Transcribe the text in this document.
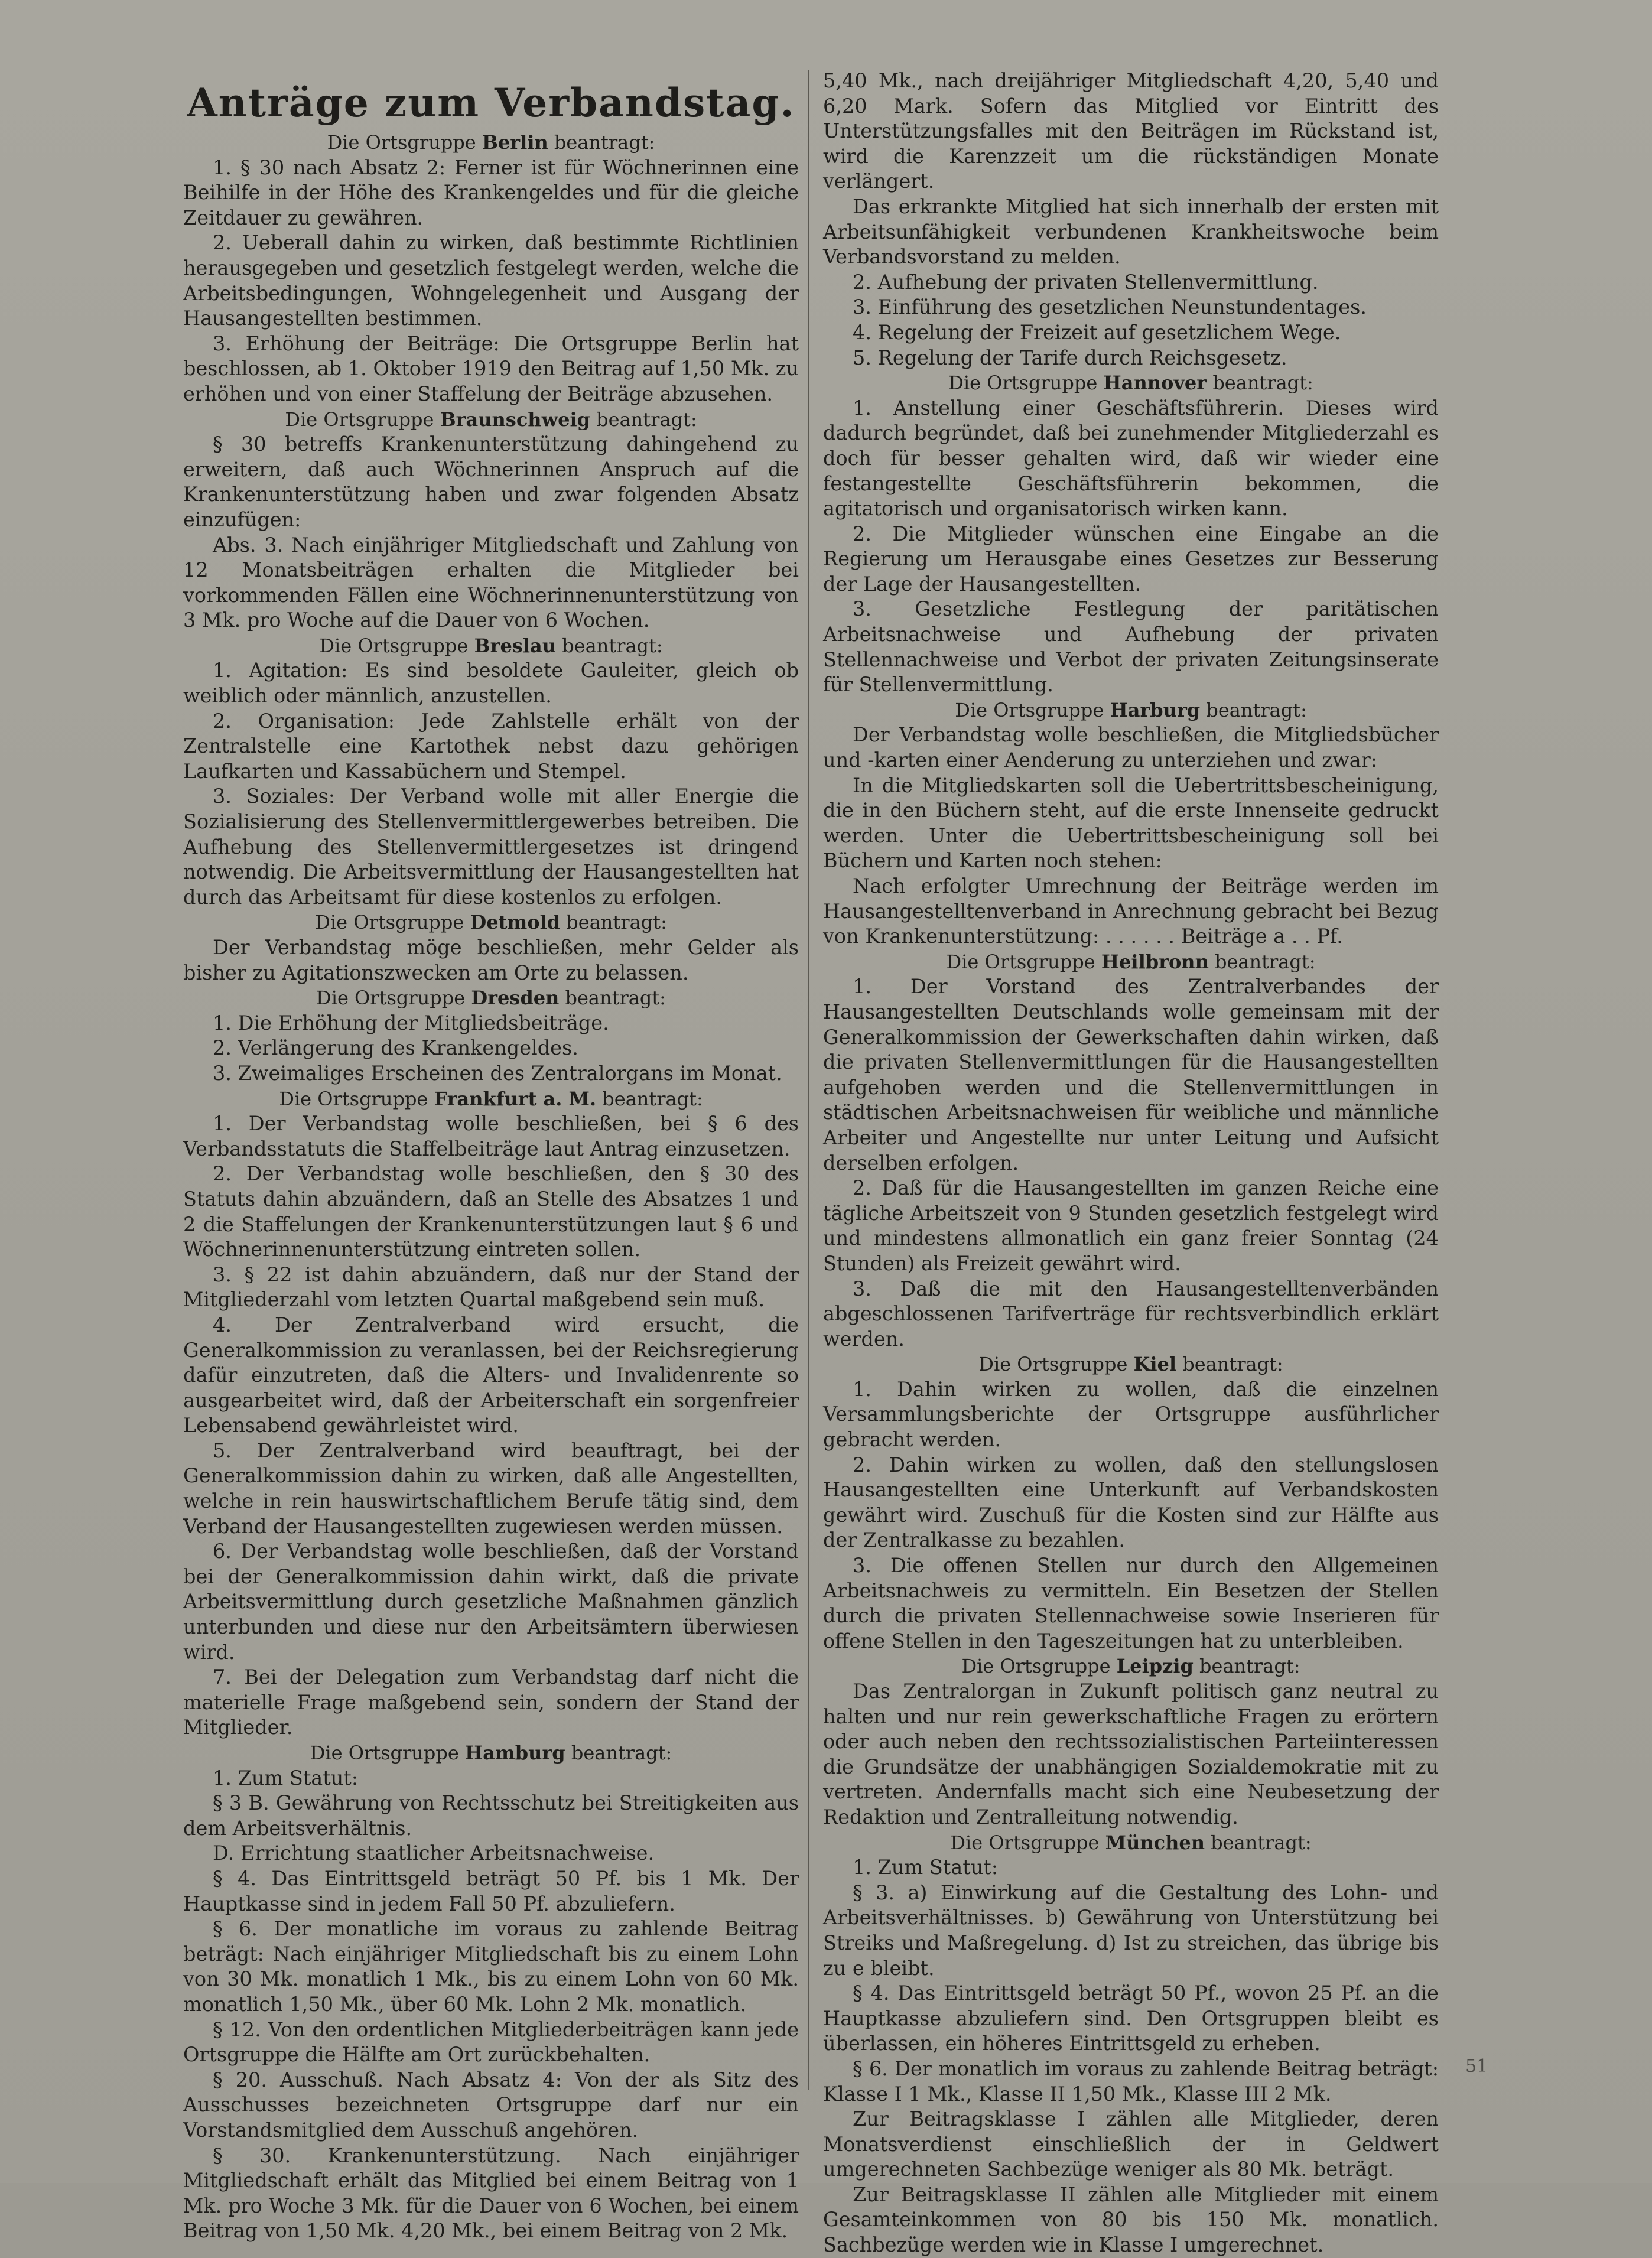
Anträge zum Verbandstag.
Die Ortsgruppe Berlin beantragt:

1. § 30 nach Absatz 2: Ferner ist für Wöchnerinnen eine Beihilfe in der Höhe des Krankengeldes und für die gleiche Zeitdauer zu gewähren.

2. Ueberall dahin zu wirken, daß bestimmte Richtlinien herausgegeben und gesetzlich festgelegt werden, welche die Arbeitsbedingungen, Wohngelegenheit und Ausgang der Hausangestellten bestimmen.

3. Erhöhung der Beiträge: Die Ortsgruppe Berlin hat beschlossen, ab 1. Oktober 1919 den Beitrag auf 1,50 Mk. zu erhöhen und von einer Staffelung der Beiträge abzusehen.

Die Ortsgruppe Braunschweig beantragt:

§ 30 betreffs Krankenunterstützung dahingehend zu erweitern, daß auch Wöchnerinnen Anspruch auf die Krankenunterstützung haben und zwar folgenden Absatz einzufügen:

Abs. 3. Nach einjähriger Mitgliedschaft und Zahlung von 12 Monatsbeiträgen erhalten die Mitglieder bei vorkommenden Fällen eine Wöchnerinnenunterstützung von 3 Mk. pro Woche auf die Dauer von 6 Wochen.

Die Ortsgruppe Breslau beantragt:

1. Agitation: Es sind besoldete Gauleiter, gleich ob weiblich oder männlich, anzustellen.

2. Organisation: Jede Zahlstelle erhält von der Zentralstelle eine Kartothek nebst dazu gehörigen Laufkarten und Kassabüchern und Stempel.

3. Soziales: Der Verband wolle mit aller Energie die Sozialisierung des Stellenvermittlergewerbes betreiben. Die Aufhebung des Stellenvermittlergesetzes ist dringend notwendig. Die Arbeitsvermittlung der Hausangestellten hat durch das Arbeitsamt für diese kostenlos zu erfolgen.

Die Ortsgruppe Detmold beantragt:

Der Verbandstag möge beschließen, mehr Gelder als bisher zu Agitationszwecken am Orte zu belassen.

Die Ortsgruppe Dresden beantragt:

1. Die Erhöhung der Mitgliedsbeiträge.

2. Verlängerung des Krankengeldes.

3. Zweimaliges Erscheinen des Zentralorgans im Monat.

Die Ortsgruppe Frankfurt a. M. beantragt:

1. Der Verbandstag wolle beschließen, bei § 6 des Verbandsstatuts die Staffelbeiträge laut Antrag einzusetzen.

2. Der Verbandstag wolle beschließen, den § 30 des Statuts dahin abzuändern, daß an Stelle des Absatzes 1 und 2 die Staffelungen der Krankenunterstützungen laut § 6 und Wöchnerinnenunterstützung eintreten sollen.

3. § 22 ist dahin abzuändern, daß nur der Stand der Mitgliederzahl vom letzten Quartal maßgebend sein muß.

4. Der Zentralverband wird ersucht, die Generalkommission zu veranlassen, bei der Reichsregierung dafür einzutreten, daß die Alters- und Invalidenrente so ausgearbeitet wird, daß der Arbeiterschaft ein sorgenfreier Lebensabend gewährleistet wird.

5. Der Zentralverband wird beauftragt, bei der Generalkommission dahin zu wirken, daß alle Angestellten, welche in rein hauswirtschaftlichem Berufe tätig sind, dem Verband der Hausangestellten zugewiesen werden müssen.

6. Der Verbandstag wolle beschließen, daß der Vorstand bei der Generalkommission dahin wirkt, daß die private Arbeitsvermittlung durch gesetzliche Maßnahmen gänzlich unterbunden und diese nur den Arbeitsämtern überwiesen wird.

7. Bei der Delegation zum Verbandstag darf nicht die materielle Frage maßgebend sein, sondern der Stand der Mitglieder.

Die Ortsgruppe Hamburg beantragt:

1. Zum Statut:

§ 3 B. Gewährung von Rechtsschutz bei Streitigkeiten aus dem Arbeitsverhältnis.

D. Errichtung staatlicher Arbeitsnachweise.

§ 4. Das Eintrittsgeld beträgt 50 Pf. bis 1 Mk. Der Hauptkasse sind in jedem Fall 50 Pf. abzuliefern.

§ 6. Der monatliche im voraus zu zahlende Beitrag beträgt: Nach einjähriger Mitgliedschaft bis zu einem Lohn von 30 Mk. monatlich 1 Mk., bis zu einem Lohn von 60 Mk. monatlich 1,50 Mk., über 60 Mk. Lohn 2 Mk. monatlich.

§ 12. Von den ordentlichen Mitgliederbeiträgen kann jede Ortsgruppe die Hälfte am Ort zurückbehalten.

§ 20. Ausschuß. Nach Absatz 4: Von der als Sitz des Ausschusses bezeichneten Ortsgruppe darf nur ein Vorstandsmitglied dem Ausschuß angehören.

§ 30. Krankenunterstützung. Nach einjähriger Mitgliedschaft erhält das Mitglied bei einem Beitrag von 1 Mk. pro Woche 3 Mk. für die Dauer von 6 Wochen, bei einem Beitrag von 1,50 Mk. 4,20 Mk., bei einem Beitrag von 2 Mk.

5,40 Mk., nach dreijähriger Mitgliedschaft 4,20, 5,40 und 6,20 Mark. Sofern das Mitglied vor Eintritt des Unterstützungsfalles mit den Beiträgen im Rückstand ist, wird die Karenzzeit um die rückständigen Monate verlängert.

Das erkrankte Mitglied hat sich innerhalb der ersten mit Arbeitsunfähigkeit verbundenen Krankheitswoche beim Verbandsvorstand zu melden.

2. Aufhebung der privaten Stellenvermittlung.

3. Einführung des gesetzlichen Neunstundentages.

4. Regelung der Freizeit auf gesetzlichem Wege.

5. Regelung der Tarife durch Reichsgesetz.

Die Ortsgruppe Hannover beantragt:

1. Anstellung einer Geschäftsführerin. Dieses wird dadurch begründet, daß bei zunehmender Mitgliederzahl es doch für besser gehalten wird, daß wir wieder eine festangestellte Geschäftsführerin bekommen, die agitatorisch und organisatorisch wirken kann.

2. Die Mitglieder wünschen eine Eingabe an die Regierung um Herausgabe eines Gesetzes zur Besserung der Lage der Hausangestellten.

3. Gesetzliche Festlegung der paritätischen Arbeitsnachweise und Aufhebung der privaten Stellennachweise und Verbot der privaten Zeitungsinserate für Stellenvermittlung.

Die Ortsgruppe Harburg beantragt:

Der Verbandstag wolle beschließen, die Mitgliedsbücher und -karten einer Aenderung zu unterziehen und zwar:

In die Mitgliedskarten soll die Uebertrittsbescheinigung, die in den Büchern steht, auf die erste Innenseite gedruckt werden. Unter die Uebertrittsbescheinigung soll bei Büchern und Karten noch stehen:

Nach erfolgter Umrechnung der Beiträge werden im Hausangestelltenverband in Anrechnung gebracht bei Bezug von Krankenunterstützung: . . . . . . Beiträge a . . Pf.

Die Ortsgruppe Heilbronn beantragt:

1. Der Vorstand des Zentralverbandes der Hausangestellten Deutschlands wolle gemeinsam mit der Generalkommission der Gewerkschaften dahin wirken, daß die privaten Stellenvermittlungen für die Hausangestellten aufgehoben werden und die Stellenvermittlungen in städtischen Arbeitsnachweisen für weibliche und männliche Arbeiter und Angestellte nur unter Leitung und Aufsicht derselben erfolgen.

2. Daß für die Hausangestellten im ganzen Reiche eine tägliche Arbeitszeit von 9 Stunden gesetzlich festgelegt wird und mindestens allmonatlich ein ganz freier Sonntag (24 Stunden) als Freizeit gewährt wird.

3. Daß die mit den Hausangestelltenverbänden abgeschlossenen Tarifverträge für rechtsverbindlich erklärt werden.

Die Ortsgruppe Kiel beantragt:

1. Dahin wirken zu wollen, daß die einzelnen Versammlungsberichte der Ortsgruppe ausführlicher gebracht werden.

2. Dahin wirken zu wollen, daß den stellungslosen Hausangestellten eine Unterkunft auf Verbandskosten gewährt wird. Zuschuß für die Kosten sind zur Hälfte aus der Zentralkasse zu bezahlen.

3. Die offenen Stellen nur durch den Allgemeinen Arbeitsnachweis zu vermitteln. Ein Besetzen der Stellen durch die privaten Stellennachweise sowie Inserieren für offene Stellen in den Tageszeitungen hat zu unterbleiben.

Die Ortsgruppe Leipzig beantragt:

Das Zentralorgan in Zukunft politisch ganz neutral zu halten und nur rein gewerkschaftliche Fragen zu erörtern oder auch neben den rechtssozialistischen Parteiinteressen die Grundsätze der unabhängigen Sozialdemokratie mit zu vertreten. Andernfalls macht sich eine Neubesetzung der Redaktion und Zentralleitung notwendig.

Die Ortsgruppe München beantragt:

1. Zum Statut:

§ 3. a) Einwirkung auf die Gestaltung des Lohn- und Arbeitsverhältnisses. b) Gewährung von Unterstützung bei Streiks und Maßregelung. d) Ist zu streichen, das übrige bis zu e bleibt.

§ 4. Das Eintrittsgeld beträgt 50 Pf., wovon 25 Pf. an die Hauptkasse abzuliefern sind. Den Ortsgruppen bleibt es überlassen, ein höheres Eintrittsgeld zu erheben.

§ 6. Der monatlich im voraus zu zahlende Beitrag beträgt: Klasse I 1 Mk., Klasse II 1,50 Mk., Klasse III 2 Mk.

Zur Beitragsklasse I zählen alle Mitglieder, deren Monatsverdienst einschließlich der in Geldwert umgerechneten Sachbezüge weniger als 80 Mk. beträgt.

Zur Beitragsklasse II zählen alle Mitglieder mit einem Gesamteinkommen von 80 bis 150 Mk. monatlich. Sachbezüge werden wie in Klasse I umgerechnet.

51
